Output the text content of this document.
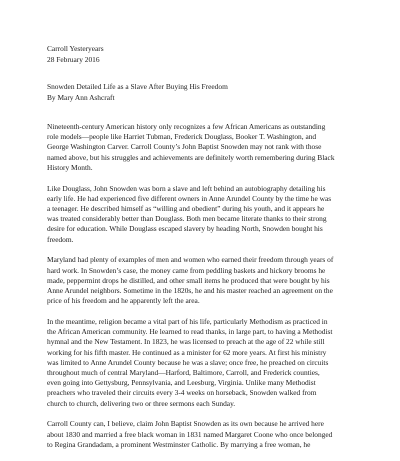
Carroll Yesteryears
28 February 2016
Snowden Detailed Life as a Slave After Buying His Freedom
By Mary Ann Ashcraft

Nineteenth-century American history only recognizes a few African Americans as outstanding
role models—people like Harriet Tubman, Frederick Douglass, Booker T. Washington, and
George Washington Carver. Carroll County’s John Baptist Snowden may not rank with those
named above, but his struggles and achievements are definitely worth remembering during Black
History Month.

Like Douglass, John Snowden was born a slave and left behind an autobiography detailing his
early life. He had experienced five different owners in Anne Arundel County by the time he was
a teenager. He described himself as “willing and obedient” during his youth, and it appears he
was treated considerably better than Douglass. Both men became literate thanks to their strong
desire for education. While Douglass escaped slavery by heading North, Snowden bought his
freedom.

Maryland had plenty of examples of men and women who earned their freedom through years of
hard work. In Snowden’s case, the money came from peddling baskets and hickory brooms he
made, peppermint drops he distilled, and other small items he produced that were bought by his
Anne Arundel neighbors. Sometime in the 1820s, he and his master reached an agreement on the
price of his freedom and he apparently left the area.

In the meantime, religion became a vital part of his life, particularly Methodism as practiced in
the African American community. He learned to read thanks, in large part, to having a Methodist
hymnal and the New Testament. In 1823, he was licensed to preach at the age of 22 while still
working for his fifth master. He continued as a minister for 62 more years. At first his ministry
was limited to Anne Arundel County because he was a slave; once free, he preached on circuits
throughout much of central Maryland—Harford, Baltimore, Carroll, and Frederick counties,
even going into Gettysburg, Pennsylvania, and Leesburg, Virginia. Unlike many Methodist
preachers who traveled their circuits every 3-4 weeks on horseback, Snowden walked from
church to church, delivering two or three sermons each Sunday.

Carroll County can, I believe, claim John Baptist Snowden as its own because he arrived here
about 1830 and married a free black woman in 1831 named Margaret Coone who once belonged
to Regina Grandadam, a prominent Westminster Catholic. By marrying a free woman, he
